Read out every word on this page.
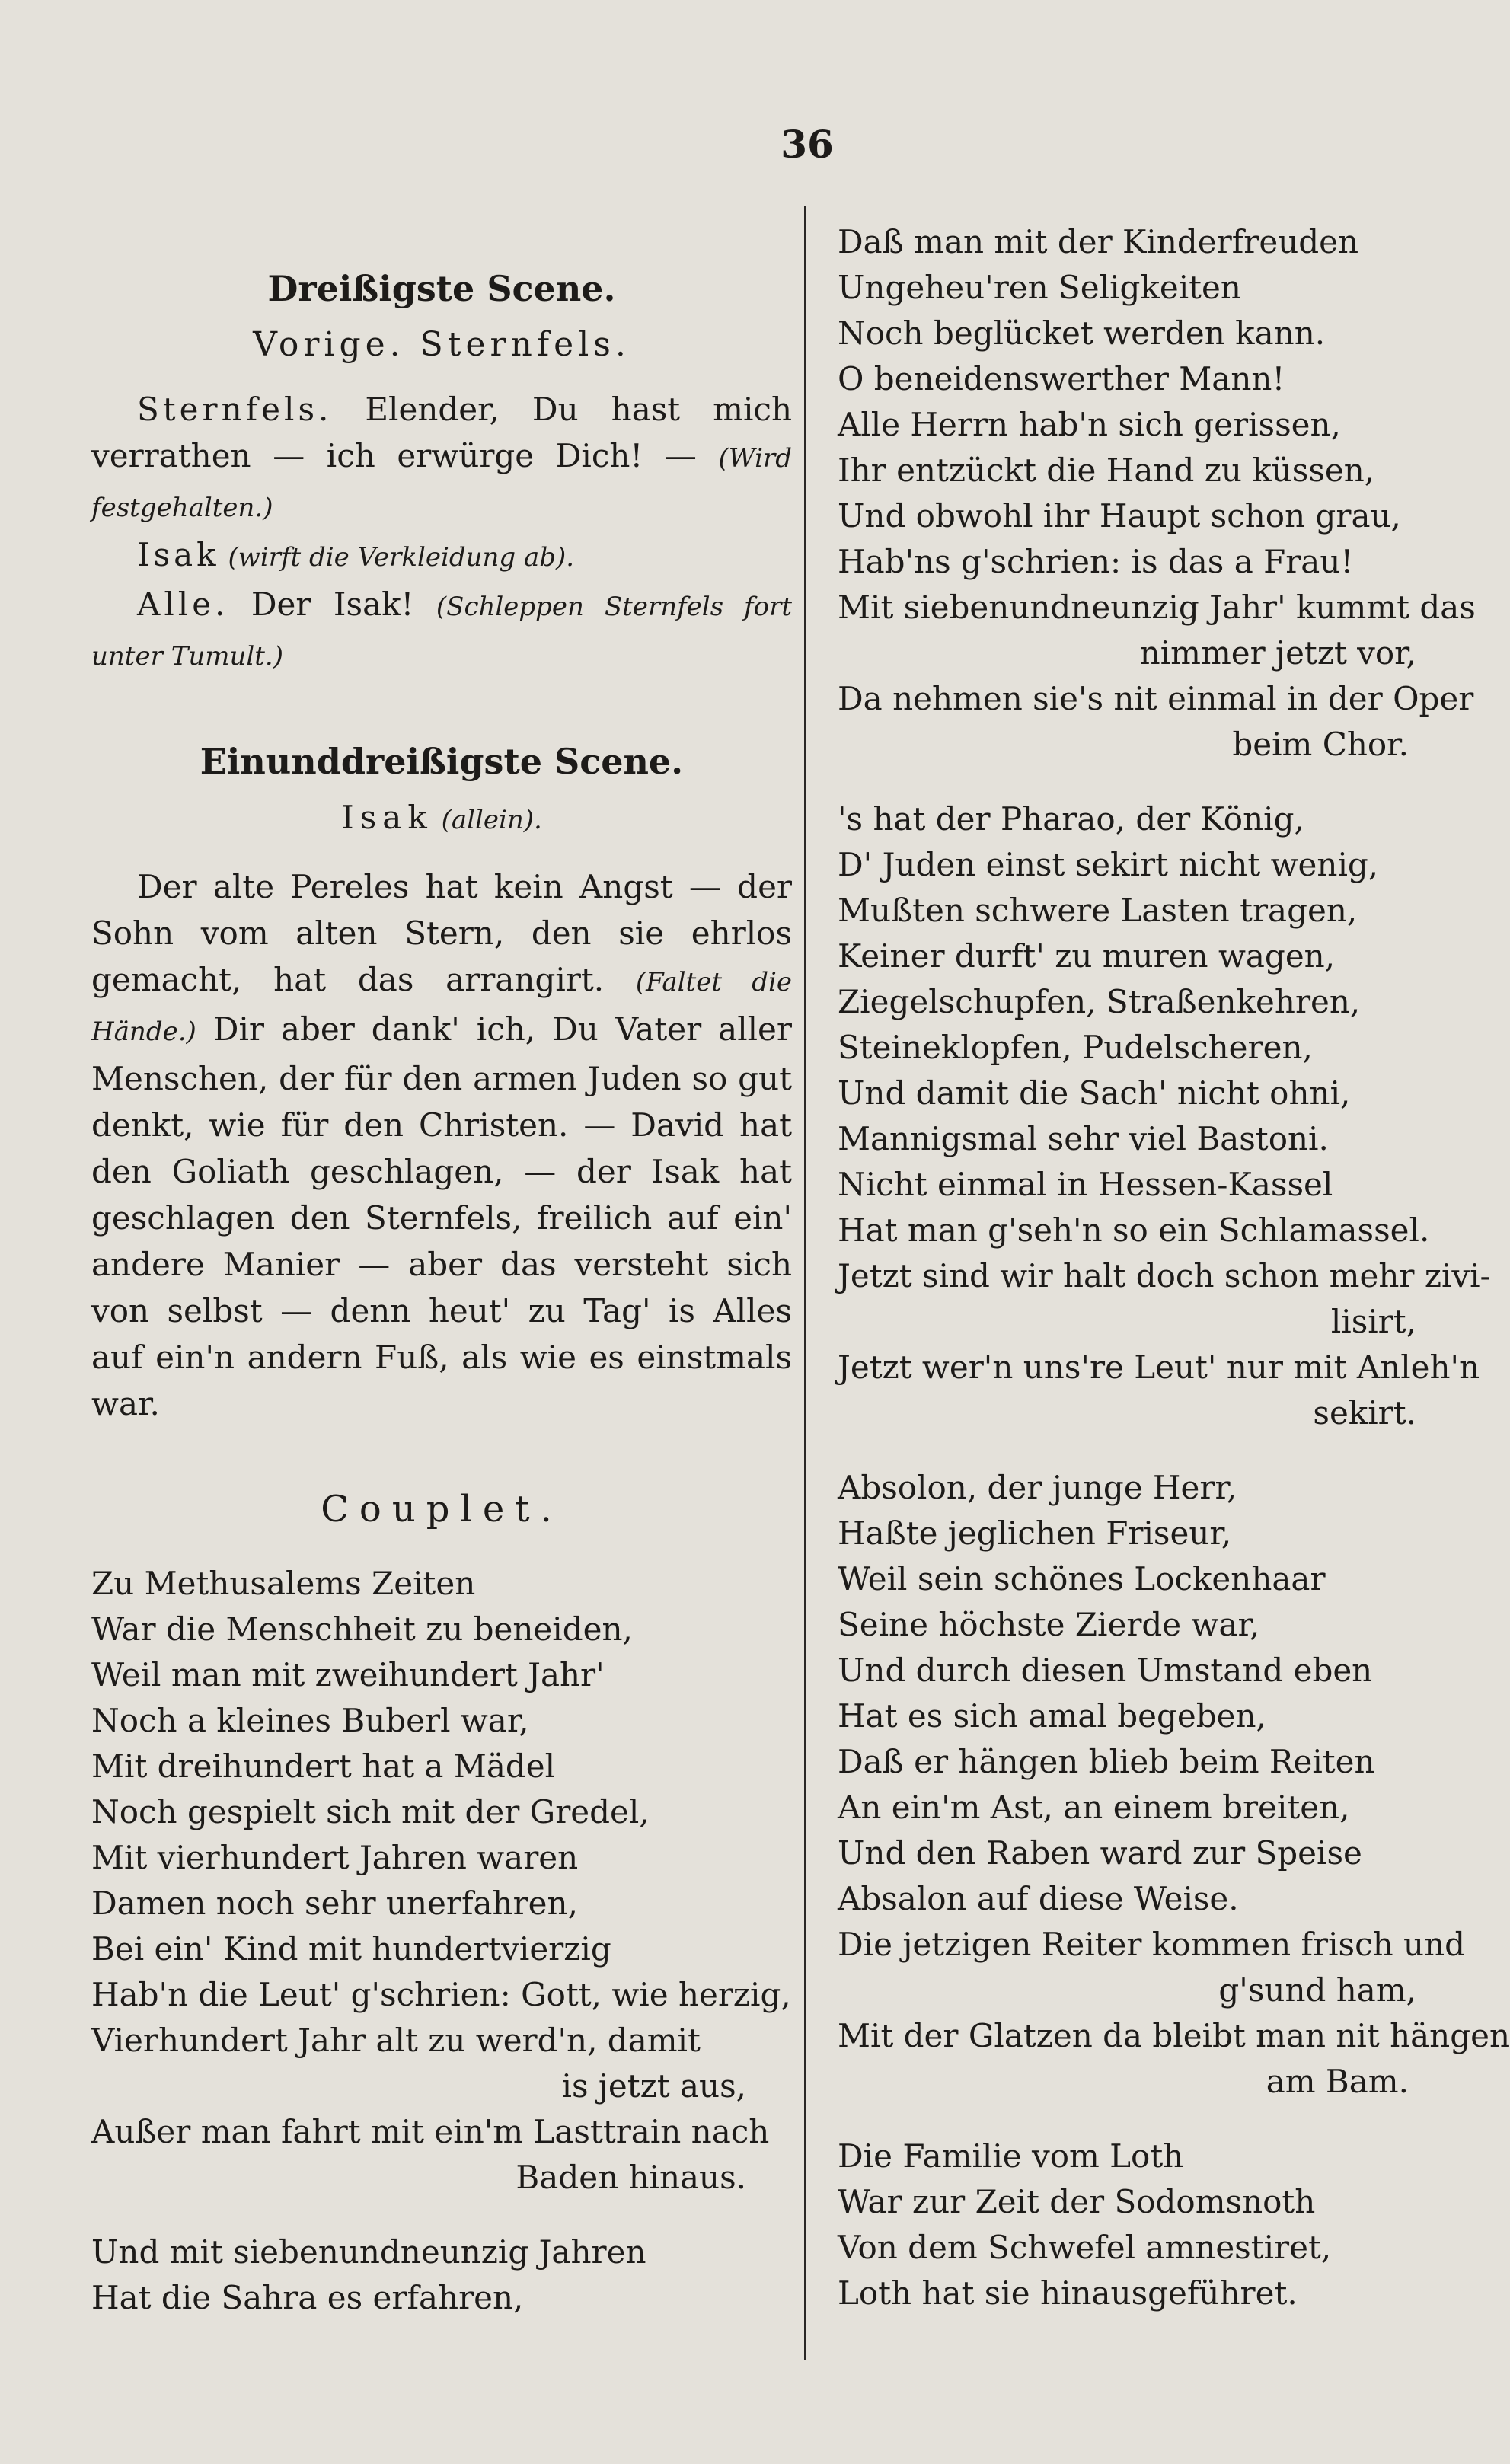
36
Dreißigste Scene.
Vorige. Sternfels.

Sternfels. Elender, Du hast mich verrathen — ich erwürge Dich! — (Wird festgehalten.)

Isak (wirft die Verkleidung ab).

Alle. Der Isak! (Schleppen Sternfels fort unter Tumult.)

Einunddreißigste Scene.
Isak (allein).

Der alte Pereles hat kein Angst — der Sohn vom alten Stern, den sie ehrlos gemacht, hat das arrangirt. (Faltet die Hände.) Dir aber dank' ich, Du Vater aller Menschen, der für den armen Juden so gut denkt, wie für den Christen. — David hat den Goliath geschlagen, — der Isak hat geschlagen den Sternfels, freilich auf ein' andere Manier — aber das versteht sich von selbst — denn heut' zu Tag' is Alles auf ein'n andern Fuß, als wie es einstmals war.

Couplet.
Zu Methusalems Zeiten
War die Menschheit zu beneiden,
Weil man mit zweihundert Jahr'
Noch a kleines Buberl war,
Mit dreihundert hat a Mädel
Noch gespielt sich mit der Gredel,
Mit vierhundert Jahren waren
Damen noch sehr unerfahren,
Bei ein' Kind mit hundertvierzig
Hab'n die Leut' g'schrien: Gott, wie herzig,
Vierhundert Jahr alt zu werd'n, damit
is jetzt aus,
Außer man fahrt mit ein'm Lasttrain nach
Baden hinaus.
Und mit siebenundneunzig Jahren
Hat die Sahra es erfahren,
Daß man mit der Kinderfreuden
Ungeheu'ren Seligkeiten
Noch beglücket werden kann.
O beneidenswerther Mann!
Alle Herrn hab'n sich gerissen,
Ihr entzückt die Hand zu küssen,
Und obwohl ihr Haupt schon grau,
Hab'ns g'schrien: is das a Frau!
Mit siebenundneunzig Jahr' kummt das
nimmer jetzt vor,
Da nehmen sie's nit einmal in der Oper
beim Chor.
's hat der Pharao, der König,
D' Juden einst sekirt nicht wenig,
Mußten schwere Lasten tragen,
Keiner durft' zu muren wagen,
Ziegelschupfen, Straßenkehren,
Steineklopfen, Pudelscheren,
Und damit die Sach' nicht ohni,
Mannigsmal sehr viel Bastoni.
Nicht einmal in Hessen-Kassel
Hat man g'seh'n so ein Schlamassel.
Jetzt sind wir halt doch schon mehr zivi-
lisirt,
Jetzt wer'n uns're Leut' nur mit Anleh'n
sekirt.
Absolon, der junge Herr,
Haßte jeglichen Friseur,
Weil sein schönes Lockenhaar
Seine höchste Zierde war,
Und durch diesen Umstand eben
Hat es sich amal begeben,
Daß er hängen blieb beim Reiten
An ein'm Ast, an einem breiten,
Und den Raben ward zur Speise
Absalon auf diese Weise.
Die jetzigen Reiter kommen frisch und
g'sund ham,
Mit der Glatzen da bleibt man nit hängen
am Bam.
Die Familie vom Loth
War zur Zeit der Sodomsnoth
Von dem Schwefel amnestiret,
Loth hat sie hinausgeführet.
